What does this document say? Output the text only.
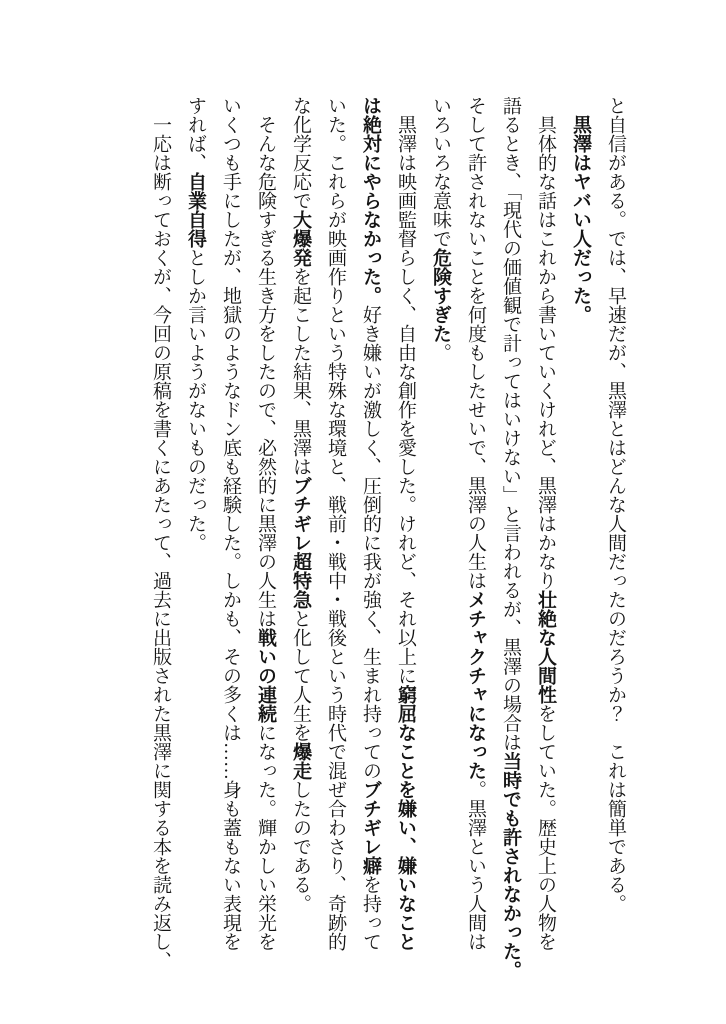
と自信がある。では、早速だが、黒澤とはどんな人間だったのだろうか？　これは簡単である。

黒澤はヤバい人だった。

具体的な話はこれから書いていくけれど、黒澤はかなり壮絶な人間性をしていた。歴史上の人物を

語るとき、「現代の価値観で計ってはいけない」と言われるが、黒澤の場合は当時でも許されなかった。

そして許されないことを何度もしたせいで、黒澤の人生はメチャクチャになった。黒澤という人間は

いろいろな意味で危険すぎた。

黒澤は映画監督らしく、自由な創作を愛した。けれど、それ以上に窮屈なことを嫌い、嫌いなこと

は絶対にやらなかった。好き嫌いが激しく、圧倒的に我が強く、生まれ持ってのブチギレ癖を持って

いた。これらが映画作りという特殊な環境と、戦前・戦中・戦後という時代で混ぜ合わさり、奇跡的

な化学反応で大爆発を起こした結果、黒澤はブチギレ超特急と化して人生を爆走したのである。

そんな危険すぎる生き方をしたので、必然的に黒澤の人生は戦いの連続になった。輝かしい栄光を

いくつも手にしたが、地獄のようなドン底も経験した。しかも、その多くは……身も蓋もない表現を

すれば、自業自得としか言いようがないものだった。

一応は断っておくが、今回の原稿を書くにあたって、過去に出版された黒澤に関する本を読み返し、
